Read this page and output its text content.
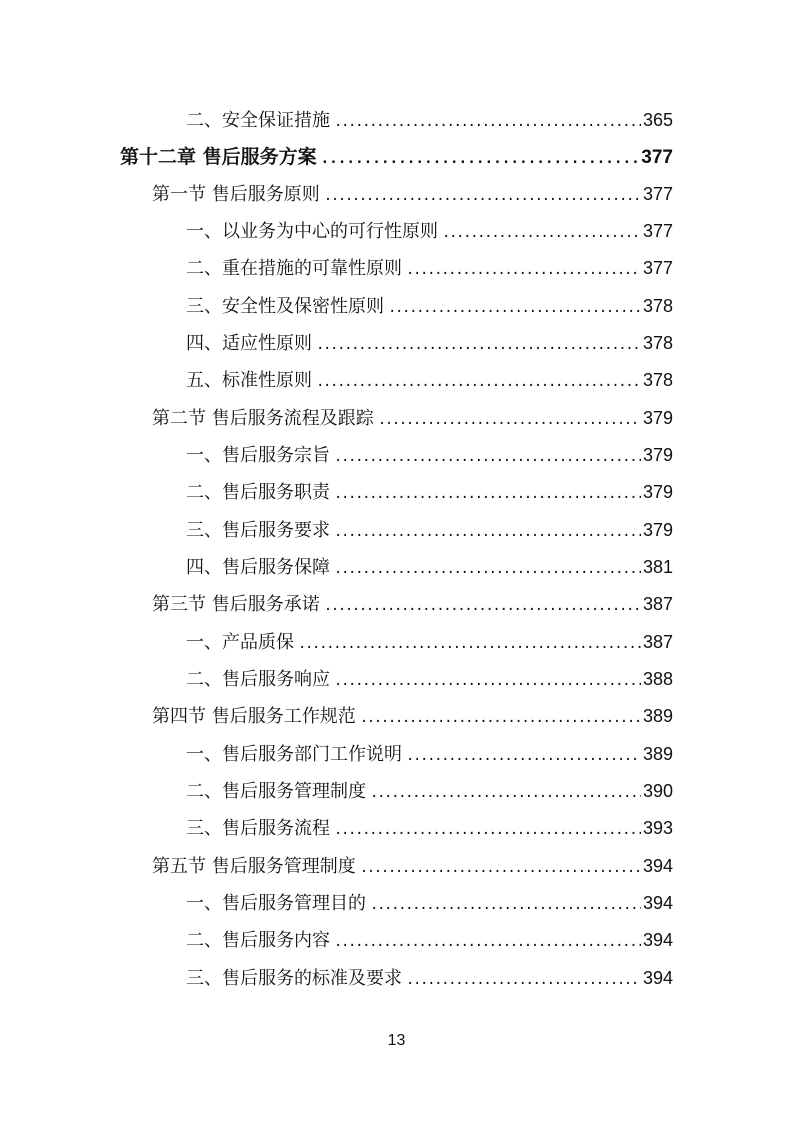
二、安全保证措施 .....	365
第十二章 售后服务方案 .....	377
第一节 售后服务原则 .....	377
一、以业务为中心的可行性原则 .....	377
二、重在措施的可靠性原则 .....	377
三、安全性及保密性原则 .....	378
四、适应性原则 .....	378
五、标准性原则 .....	378
第二节 售后服务流程及跟踪 .....	379
一、售后服务宗旨 .....	379
二、售后服务职责 .....	379
三、售后服务要求 .....	379
四、售后服务保障 .....	381
第三节 售后服务承诺 .....	387
一、产品质保 .....	387
二、售后服务响应 .....	388
第四节 售后服务工作规范 .....	389
一、售后服务部门工作说明 .....	389
二、售后服务管理制度 .....	390
三、售后服务流程 .....	393
第五节 售后服务管理制度 .....	394
一、售后服务管理目的 .....	394
二、售后服务内容 .....	394
三、售后服务的标准及要求 .....	394
13
